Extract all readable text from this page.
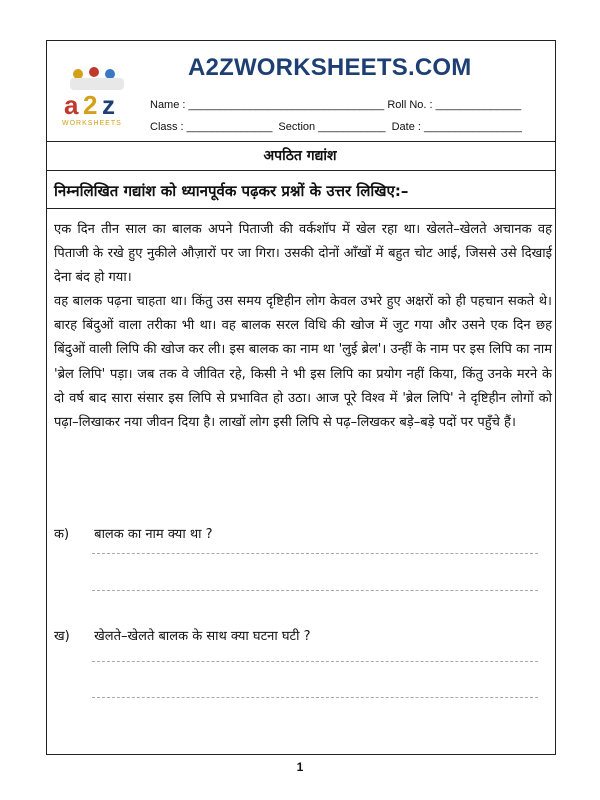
a 2 z
WORKSHEETS
A2ZWORKSHEETS.COM
Name : ________________________________ Roll No. : ______________
Class : ______________  Section ___________  Date : ________________
अपठित गद्यांश
निम्नलिखित गद्यांश को ध्यानपूर्वक पढ़कर प्रश्नों के उत्तर लिखिए:–

एक दिन तीन साल का बालक अपने पिताजी की वर्कशॉप में खेल रहा था। खेलते–खेलते अचानक वह पिताजी के रखे हुए नुकीले औज़ारों पर जा गिरा। उसकी दोनों आँखों में बहुत चोट आई, जिससे उसे दिखाई देना बंद हो गया।

वह बालक पढ़ना चाहता था। किंतु उस समय दृष्टिहीन लोग केवल उभरे हुए अक्षरों को ही पहचान सकते थे। बारह बिंदुओं वाला तरीका भी था। वह बालक सरल विधि की खोज में जुट गया और उसने एक दिन छह बिंदुओं वाली लिपि की खोज कर ली। इस बालक का नाम था 'लुई ब्रेल'। उन्हीं के नाम पर इस लिपि का नाम 'ब्रेल लिपि' पड़ा। जब तक वे जीवित रहे, किसी ने भी इस लिपि का प्रयोग नहीं किया, किंतु उनके मरने के दो वर्ष बाद सारा संसार इस लिपि से प्रभावित हो उठा। आज पूरे विश्व में 'ब्रेल लिपि' ने दृष्टिहीन लोगों को पढ़ा–लिखाकर नया जीवन दिया है। लाखों लोग इसी लिपि से पढ़–लिखकर बड़े–बड़े पदों पर पहुँचे हैं।

क) बालक का नाम क्या था ?
ख) खेलते–खेलते बालक के साथ क्या घटना घटी ?
1
